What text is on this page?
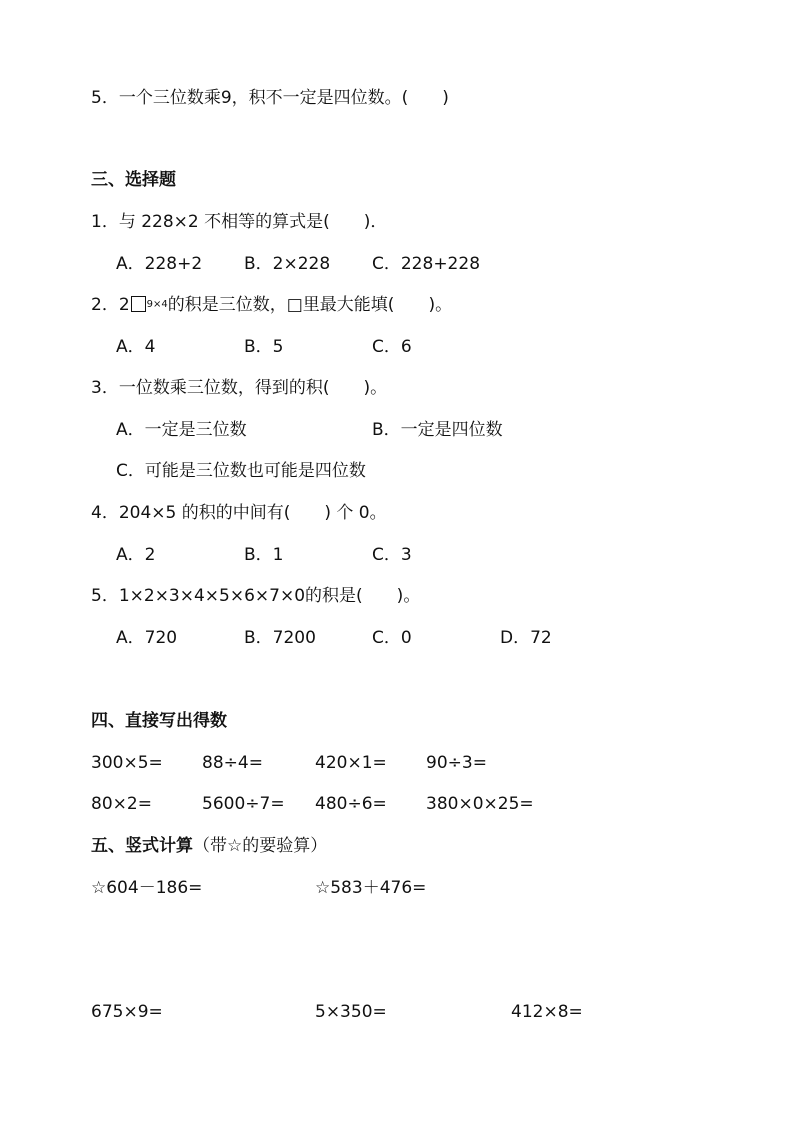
5．一个三位数乘9，积不一定是四位数。(　　)
三、选择题
1．与 228×2 不相等的算式是(　　)．
A．228+2 B．2×228 C．228+228
2．2 9×4的积是三位数，□里最大能填(　　)。
A．4	B．5	C．6
3．一位数乘三位数，得到的积(　　)。
A．一定是三位数	B．一定是四位数
C．可能是三位数也可能是四位数
4．204×5 的积的中间有(　　) 个 0。
A．2	B．1	C．3
5．1×2×3×4×5×6×7×0的积是(　　)。
A．720	B．7200	C．0	D．72
四、直接写出得数
300×5= 88÷4=	420×1= 90÷3=
80×2=	5600÷7= 480÷6= 380×0×25=
五、竖式计算（带☆的要验算）
☆604－186=	☆583＋476=
675×9=	5×350=	412×8=
